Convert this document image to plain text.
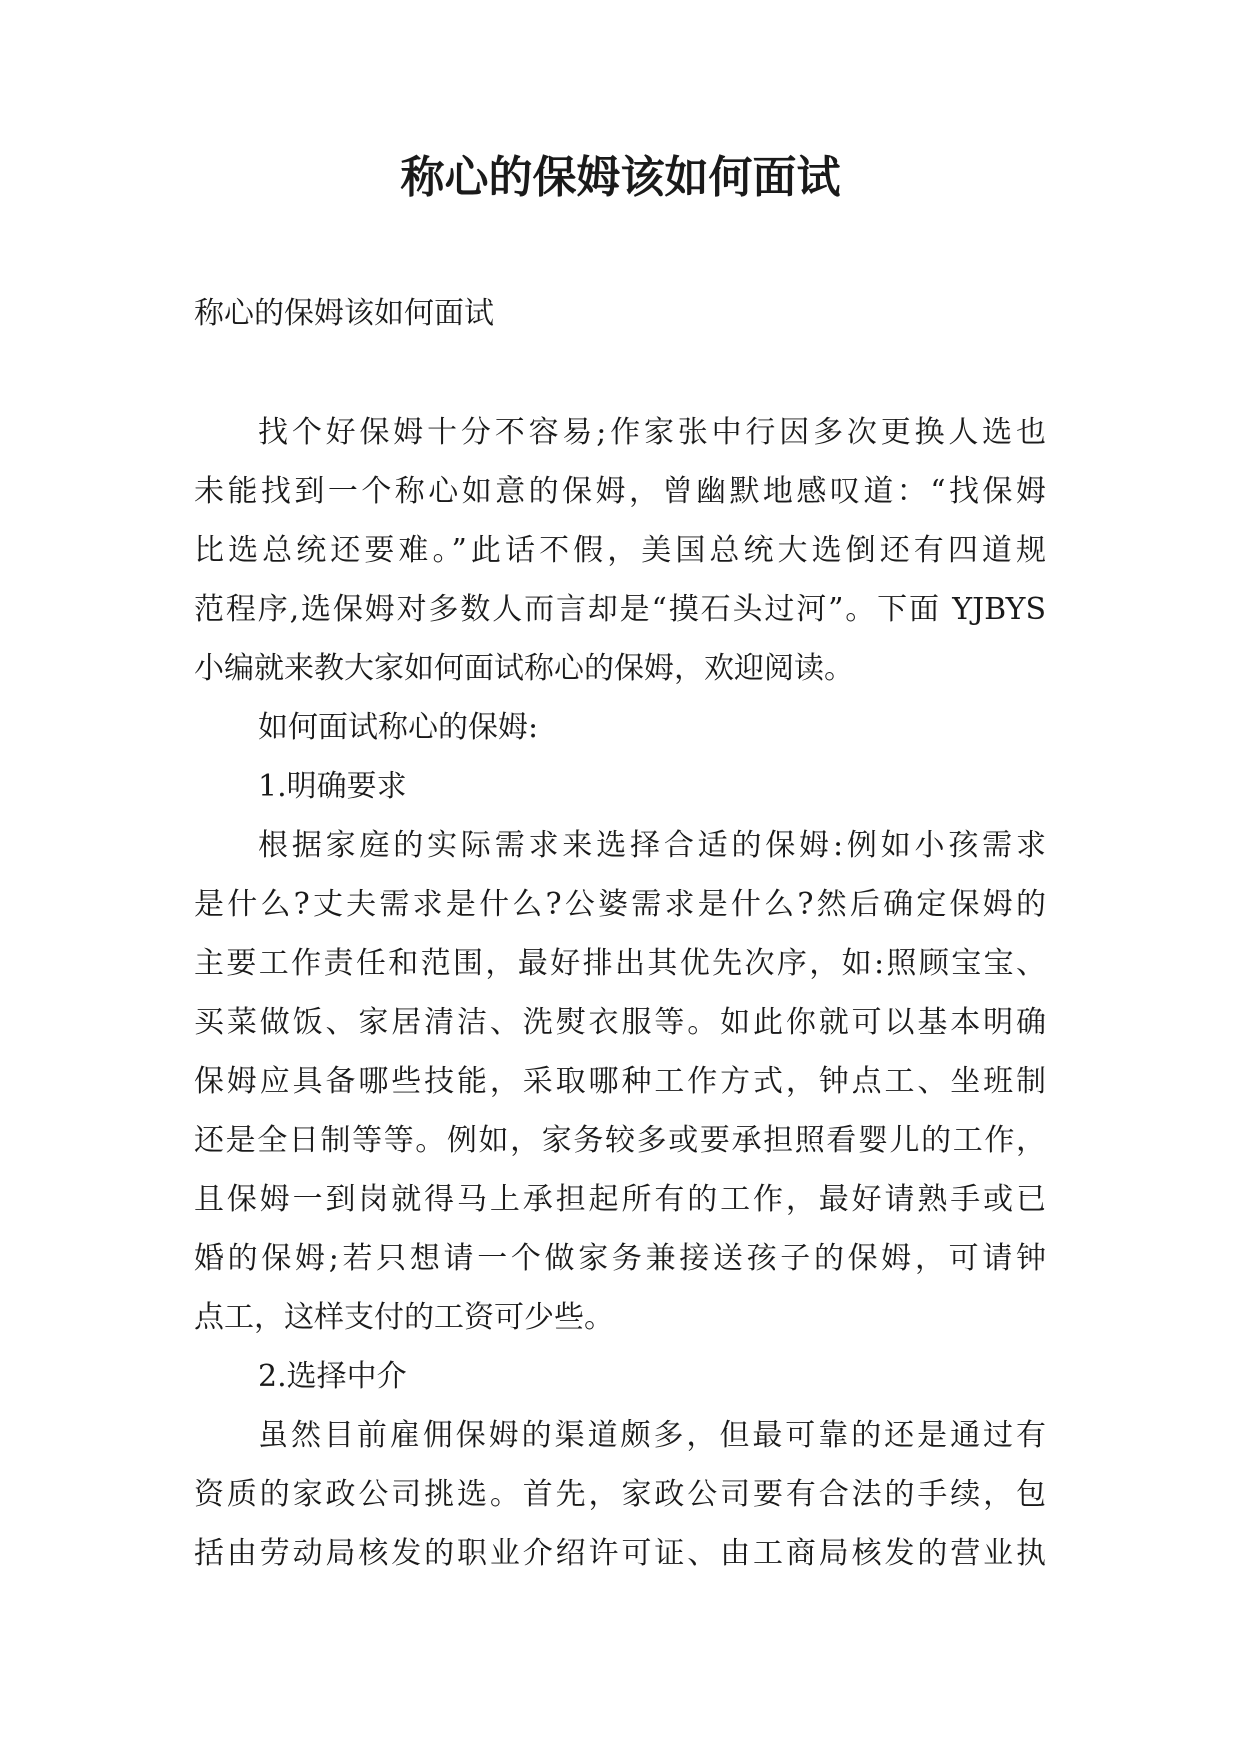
称心的保姆该如何面试

称心的保姆该如何面试

找个好保姆十分不容易;作家张中行因多次更换人选也
未能找到一个称心如意的保姆，曾幽默地感叹道：“找保姆
比选总统还要难。”此话不假，美国总统大选倒还有四道规
范程序,选保姆对多数人而言却是“摸石头过河”。下面 YJBYS
小编就来教大家如何面试称心的保姆，欢迎阅读。
如何面试称心的保姆:
1.明确要求
根据家庭的实际需求来选择合适的保姆:例如小孩需求
是什么?丈夫需求是什么?公婆需求是什么?然后确定保姆的
主要工作责任和范围，最好排出其优先次序，如:照顾宝宝、
买菜做饭、家居清洁、洗熨衣服等。如此你就可以基本明确
保姆应具备哪些技能，采取哪种工作方式，钟点工、坐班制
还是全日制等等。例如，家务较多或要承担照看婴儿的工作，
且保姆一到岗就得马上承担起所有的工作，最好请熟手或已
婚的保姆;若只想请一个做家务兼接送孩子的保姆，可请钟
点工，这样支付的工资可少些。
2.选择中介
虽然目前雇佣保姆的渠道颇多，但最可靠的还是通过有
资质的家政公司挑选。首先，家政公司要有合法的手续，包
括由劳动局核发的职业介绍许可证、由工商局核发的营业执
